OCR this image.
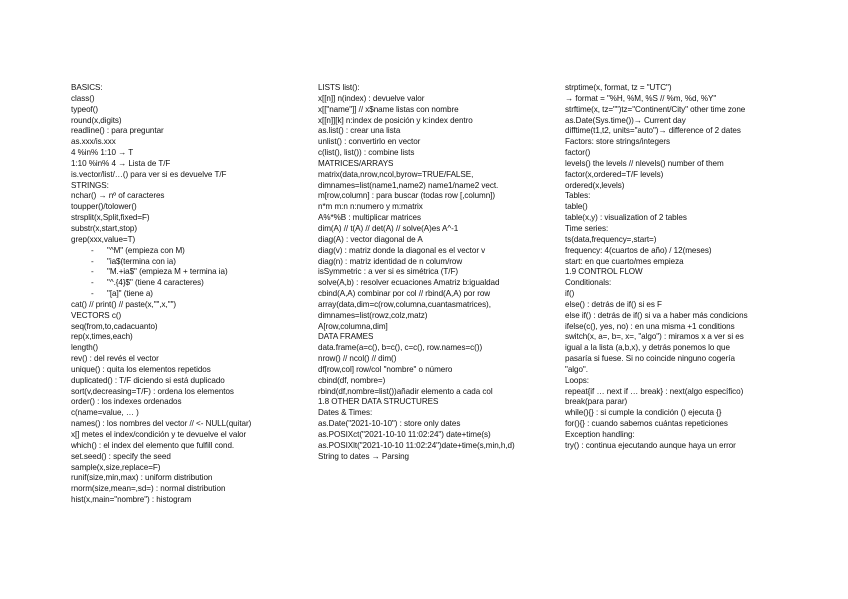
BASICS:
class()
typeof()
round(x,digits)
readline() : para preguntar
as.xxx/is.xxx
4 %in% 1:10 → T
1:10 %in% 4 → Lista de T/F
is.vector/list/…() para ver si es devuelve T/F
STRINGS:
nchar() → nº of caracteres
toupper()/tolower()
strsplit(x,Split,fixed=F)
substr(x,start,stop)
grep(xxx,value=T)
- "^M" (empieza con M)
- "ia$(termina con ia)
- "M.+ia$" (empieza M + termina ia)
- "^.{4}$" (tiene 4 caracteres)
- "[a]" (tiene a)
cat() // print() // paste(x,"",x,"")
VECTORS c()
seq(from,to,cadacuanto)
rep(x,times,each)
length()
rev() : del revés el vector
unique() : quita los elementos repetidos
duplicated() : T/F diciendo si está duplicado
sort(v,decreasing=T/F) : ordena los elementos
order() : los indexes ordenados
c(name=value, … )
names() : los nombres del vector // <- NULL(quitar)
x[] metes el index/condición y te devuelve el valor
which() : el index del elemento que fulfill cond.
set.seed() : specify the seed
sample(x,size,replace=F)
runif(size,min,max) : uniform distribution
rnorm(size,mean=,sd=) : normal distribution
hist(x,main="nombre") : histogram
LISTS list():
x[[n]] n(index) : devuelve valor
x[["name"]] // x$name listas con nombre
x[[n]][k] n:index de posición y k:index dentro
as.list() : crear una lista
unlist() : convertirlo en vector
c(list(), list()) : combine lists
MATRICES/ARRAYS
matrix(data,nrow,ncol,byrow=TRUE/FALSE,
dimnames=list(name1,name2) name1/name2 vect.
m[row,column] : para buscar (todas row [,column])
n*m m:n n:numero y m:matrix
A%*%B : multiplicar matrices
dim(A) // t(A) // det(A) // solve(A)es A^-1
diag(A) : vector diagonal de A
diag(v) : matriz donde la diagonal es el vector v
diag(n) : matriz identidad de n colum/row
isSymmetric : a ver si es simétrica (T/F)
solve(A,b) : resolver ecuaciones Amatriz b:igualdad
cbind(A,A) combinar por col // rbind(A,A) por row
array(data,dim=c(row,columna,cuantasmatrices),
dimnames=list(rowz,colz,matz)
A[row,columna,dim]
DATA FRAMES
data.frame(a=c(), b=c(), c=c(), row.names=c())
nrow() // ncol() // dim()
df[row,col] row/col "nombre" o número
cbind(df, nombre=)
rbind(df,nombre=list())añadir elemento a cada col
1.8 OTHER DATA STRUCTURES
Dates & Times:
as.Date("2021-10-10") : store only dates
as.POSIXct("2021-10-10 11:02:24") date+time(s)
as.POSIXlt("2021-10-10 11:02:24")date+time(s,min,h,d)
String to dates → Parsing
strptime(x, format, tz = "UTC")
→ format = "%H, %M, %S // %m, %d, %Y"
strftime(x, tz="")tz="Continent/City" other time zone
as.Date(Sys.time())→ Current day
difftime(t1,t2, units="auto")→ difference of 2 dates
Factors: store strings/integers
factor()
levels() the levels // nlevels() number of them
factor(x,ordered=T/F levels)
ordered(x,levels)
Tables:
table()
table(x,y) : visualization of 2 tables
Time series:
ts(data,frequency=,start=)
frequency: 4(cuartos de año) / 12(meses)
start: en que cuarto/mes empieza
1.9 CONTROL FLOW
Conditionals:
if()
else() : detrás de if() si es F
else if() : detrás de if() si va a haber más condicions
ifelse(c(), yes, no) : en una misma +1 conditions
switch(x, a=, b=, x=, "algo") : miramos x a ver si es
igual a la lista (a,b,x), y detrás ponemos lo que
pasaría si fuese. Si no coincide ninguno cogería
"algo".
Loops:
repeat{if … next if … break} : next(algo específico)
break(para parar)
while(){} : si cumple la condición () ejecuta {}
for(){} : cuando sabemos cuántas repeticiones
Exception handling:
try() : continua ejecutando aunque haya un error
